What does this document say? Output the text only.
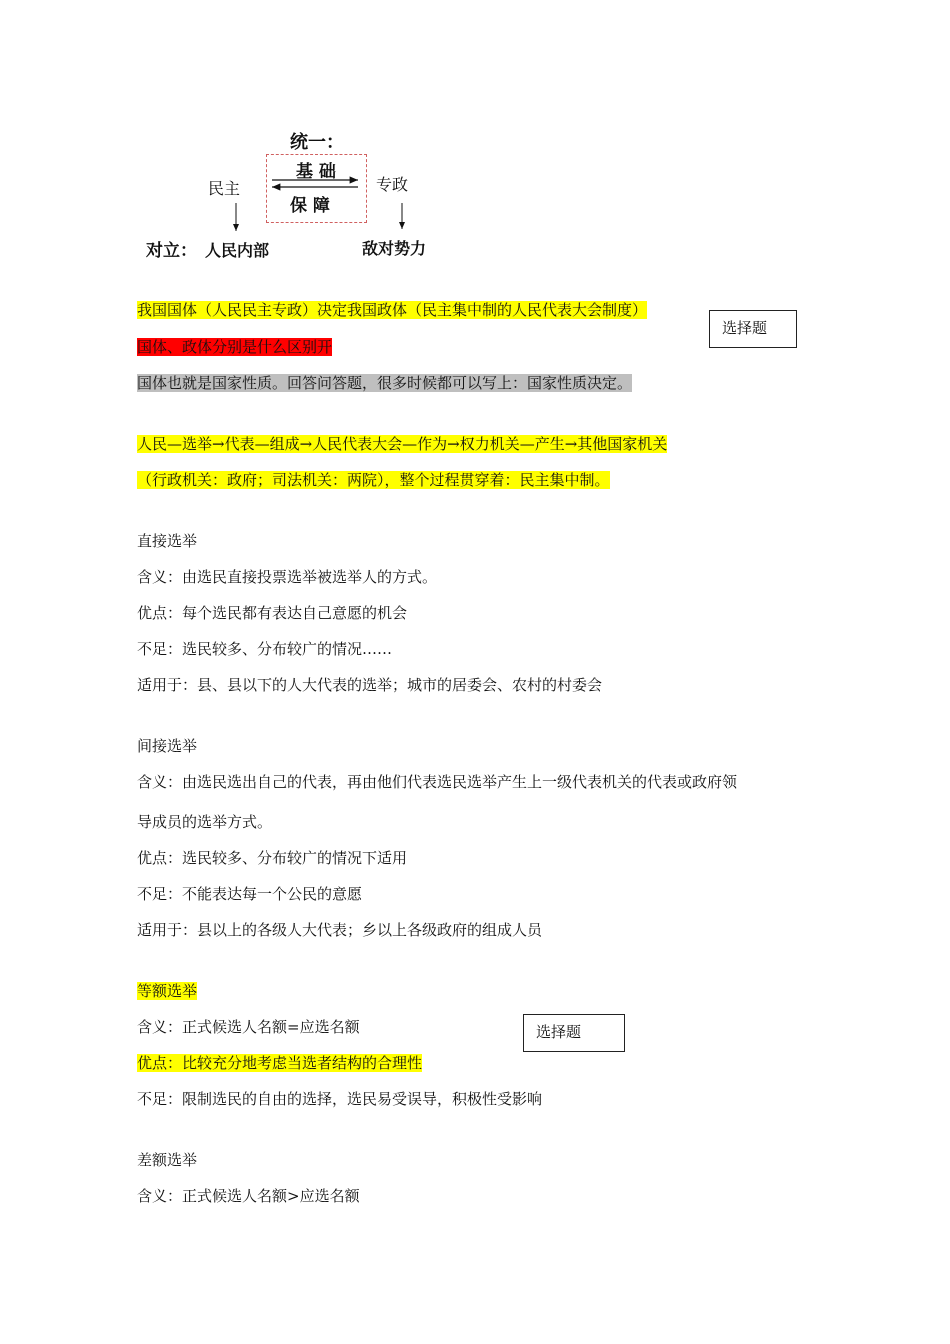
统一：
基 础
保 障
民主	专政
对立： 人民内部	敌对势力
我国国体（人民民主专政）决定我国政体（民主集中制的人民代表大会制度）
国体、政体分别是什么区别开
国体也就是国家性质。回答问答题，很多时候都可以写上：国家性质决定。
人民—选举→代表—组成→人民代表大会—作为→权力机关—产生→其他国家机关
（行政机关：政府；司法机关：两院），整个过程贯穿着：民主集中制。
直接选举
含义：由选民直接投票选举被选举人的方式。
优点：每个选民都有表达自己意愿的机会
不足：选民较多、分布较广的情况……
适用于：县、县以下的人大代表的选举；城市的居委会、农村的村委会
间接选举
含义：由选民选出自己的代表，再由他们代表选民选举产生上一级代表机关的代表或政府领
导成员的选举方式。
优点：选民较多、分布较广的情况下适用
不足：不能表达每一个公民的意愿
适用于：县以上的各级人大代表；乡以上各级政府的组成人员
等额选举
含义：正式候选人名额=应选名额
优点：比较充分地考虑当选者结构的合理性
不足：限制选民的自由的选择，选民易受误导，积极性受影响
差额选举
含义：正式候选人名额>应选名额
选择题
选择题
